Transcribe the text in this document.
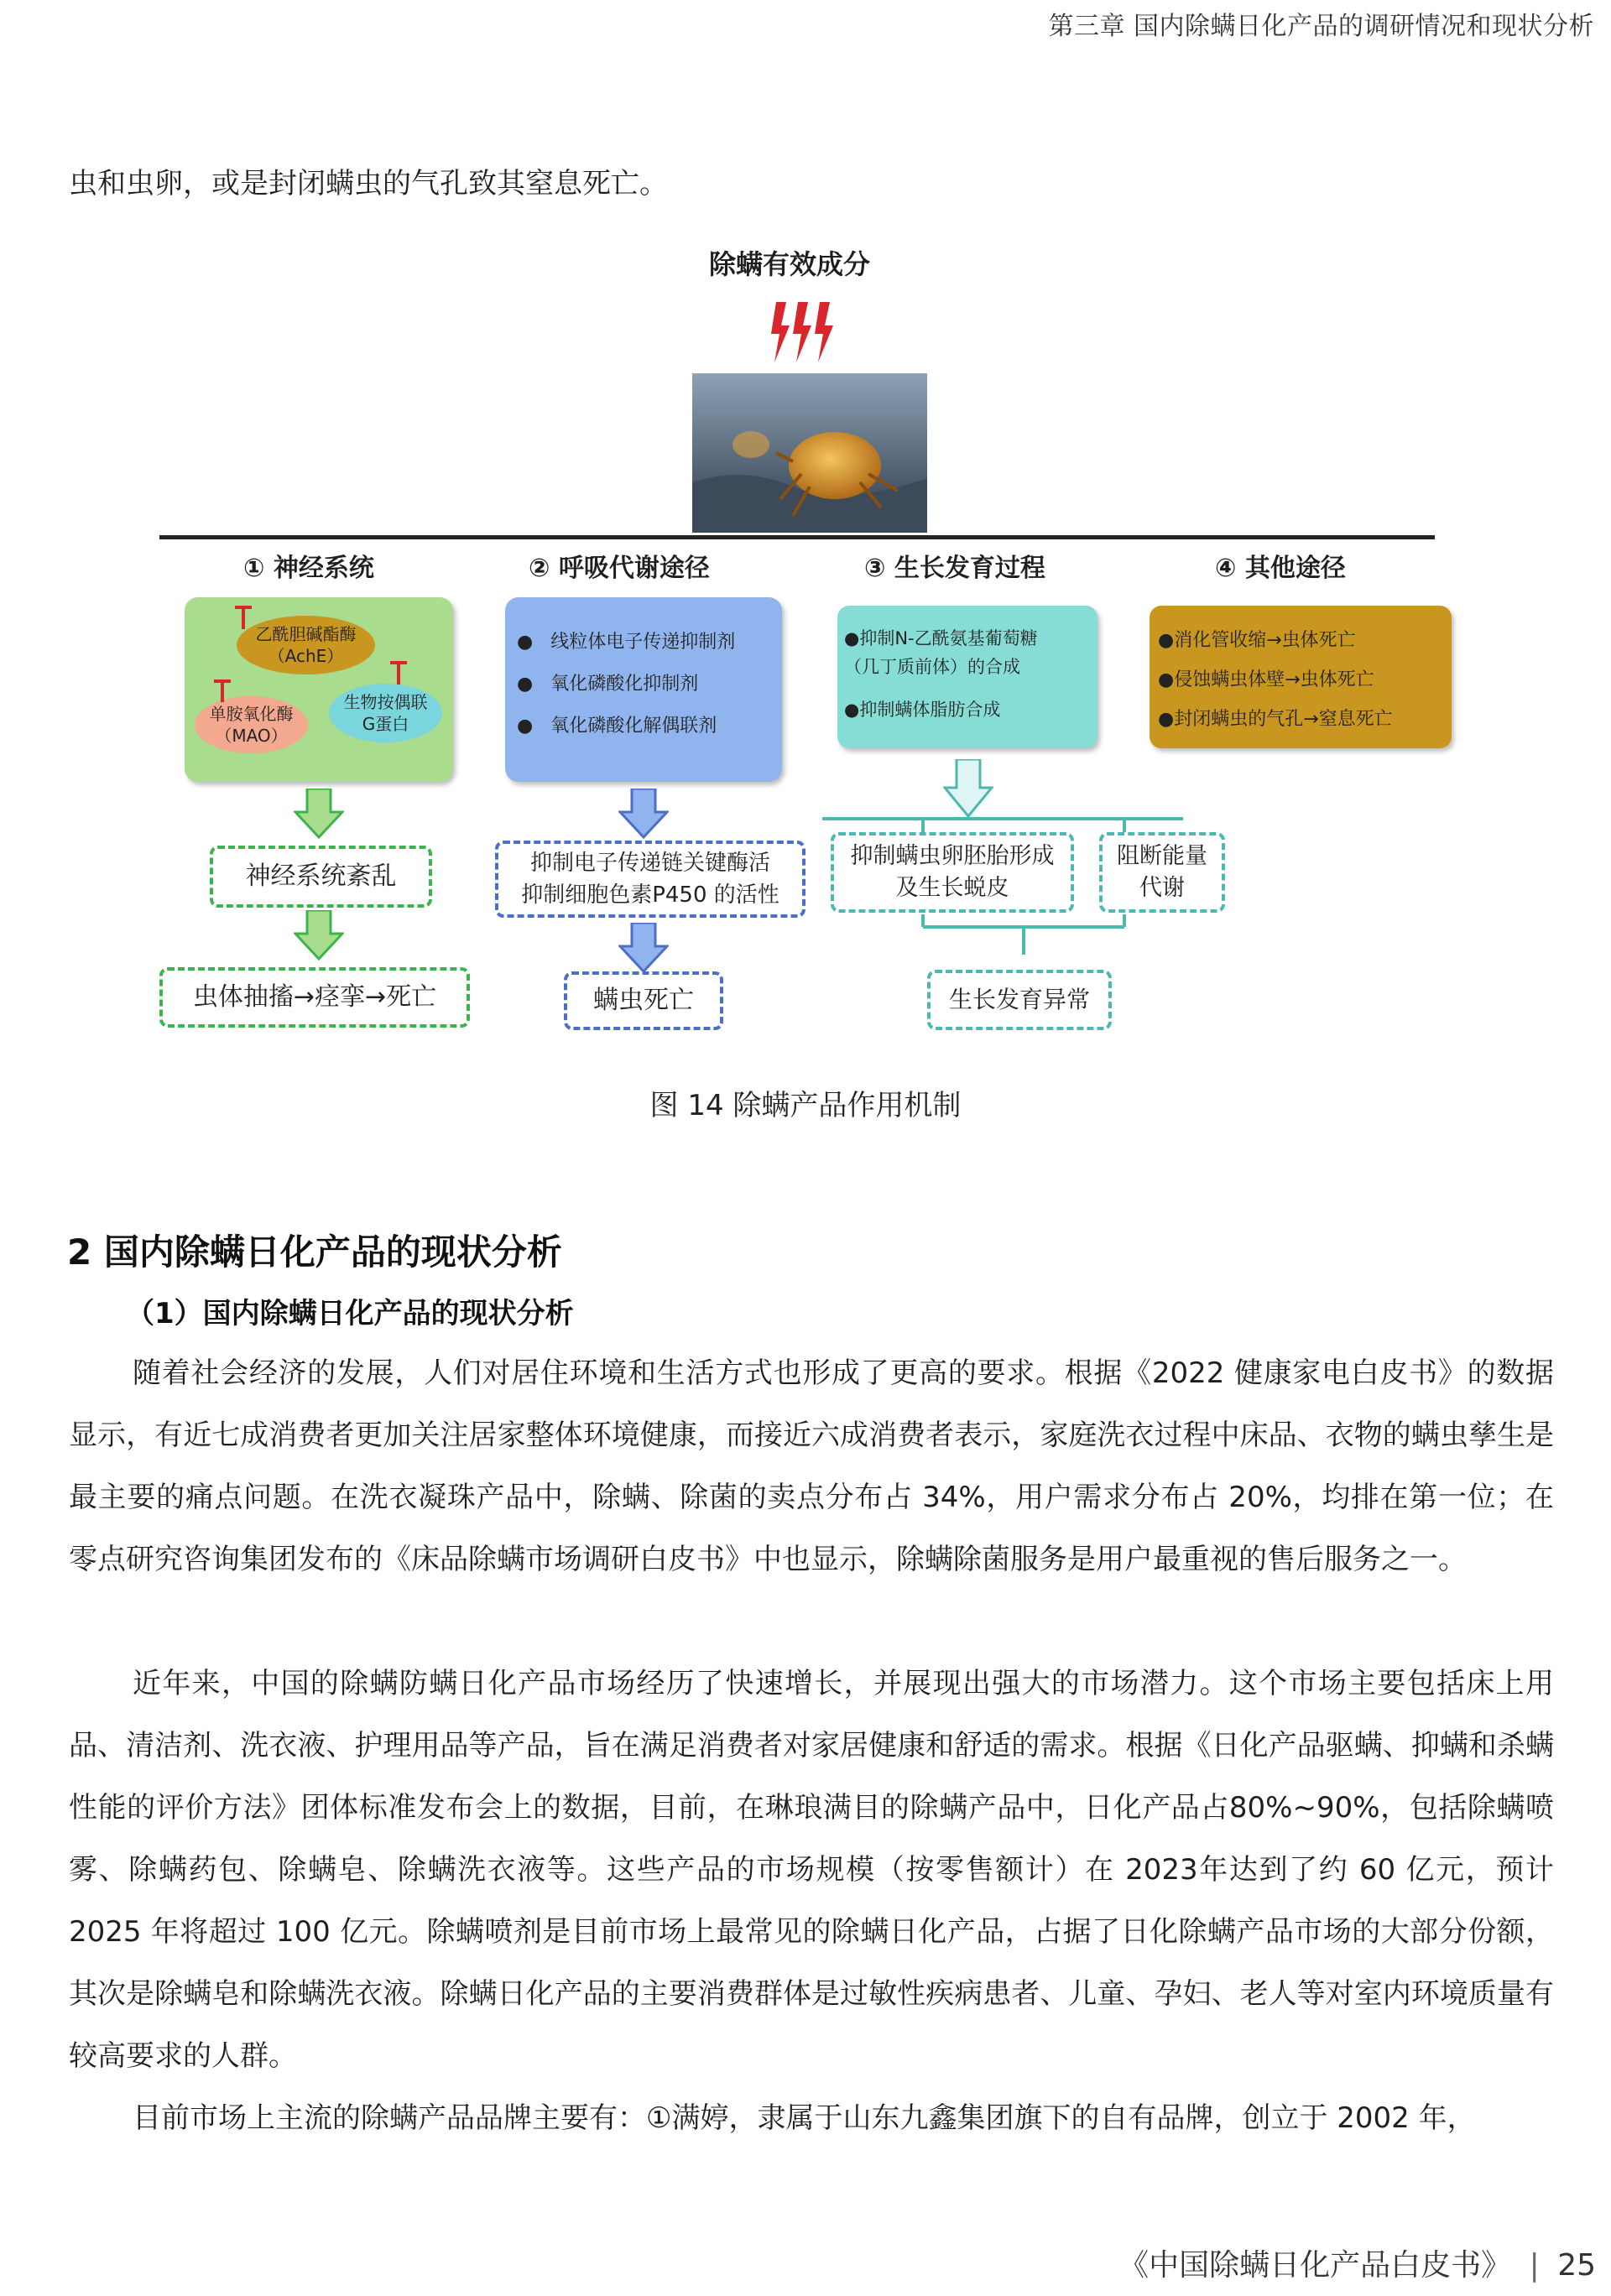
第三章 国内除螨日化产品的调研情况和现状分析
虫和虫卵，或是封闭螨虫的气孔致其窒息死亡。
除螨有效成分
① 神经系统	② 呼吸代谢途径	③ 生长发育过程	④ 其他途径
乙酰胆碱酯酶
（AchE）
单胺氧化酶
（MAO）
生物按偶联
G蛋白
●   线粒体电子传递抑制剂
●   氧化磷酸化抑制剂
●   氧化磷酸化解偶联剂
●抑制N-乙酰氨基葡萄糖
（几丁质前体）的合成
●抑制螨体脂肪合成
●消化管收缩→虫体死亡
●侵蚀螨虫体壁→虫体死亡
●封闭螨虫的气孔→窒息死亡
神经系统紊乱	抑制电子传递链关键酶活
抑制细胞色素P450 的活性
抑制螨虫卵胚胎形成
及生长蜕皮
阻断能量
代谢
虫体抽搐→痉挛→死亡	螨虫死亡	生长发育异常
图 14 除螨产品作用机制
2 国内除螨日化产品的现状分析
（1）国内除螨日化产品的现状分析

随着社会经济的发展，人们对居住环境和生活方式也形成了更高的要求。根据《2022 健康家电白皮书》的数据显示，有近七成消费者更加关注居家整体环境健康，而接近六成消费者表示，家庭洗衣过程中床品、衣物的螨虫孳生是最主要的痛点问题。在洗衣凝珠产品中，除螨、除菌的卖点分布占 34%，用户需求分布占 20%，均排在第一位；在零点研究咨询集团发布的《床品除螨市场调研白皮书》中也显示，除螨除菌服务是用户最重视的售后服务之一。

近年来，中国的除螨防螨日化产品市场经历了快速增长，并展现出强大的市场潜力。这个市场主要包括床上用品、清洁剂、洗衣液、护理用品等产品，旨在满足消费者对家居健康和舒适的需求。根据《日化产品驱螨、抑螨和杀螨性能的评价方法》团体标准发布会上的数据，目前，在琳琅满目的除螨产品中，日化产品占80%~90%，包括除螨喷雾、除螨药包、除螨皂、除螨洗衣液等。这些产品的市场规模（按零售额计）在 2023年达到了约 60 亿元，预计 2025 年将超过 100 亿元。除螨喷剂是目前市场上最常见的除螨日化产品，占据了日化除螨产品市场的大部分份额，其次是除螨皂和除螨洗衣液。除螨日化产品的主要消费群体是过敏性疾病患者、儿童、孕妇、老人等对室内环境质量有较高要求的人群。

目前市场上主流的除螨产品品牌主要有：①满婷，隶属于山东九鑫集团旗下的自有品牌，创立于 2002 年，

《中国除螨日化产品白皮书》 | 25
